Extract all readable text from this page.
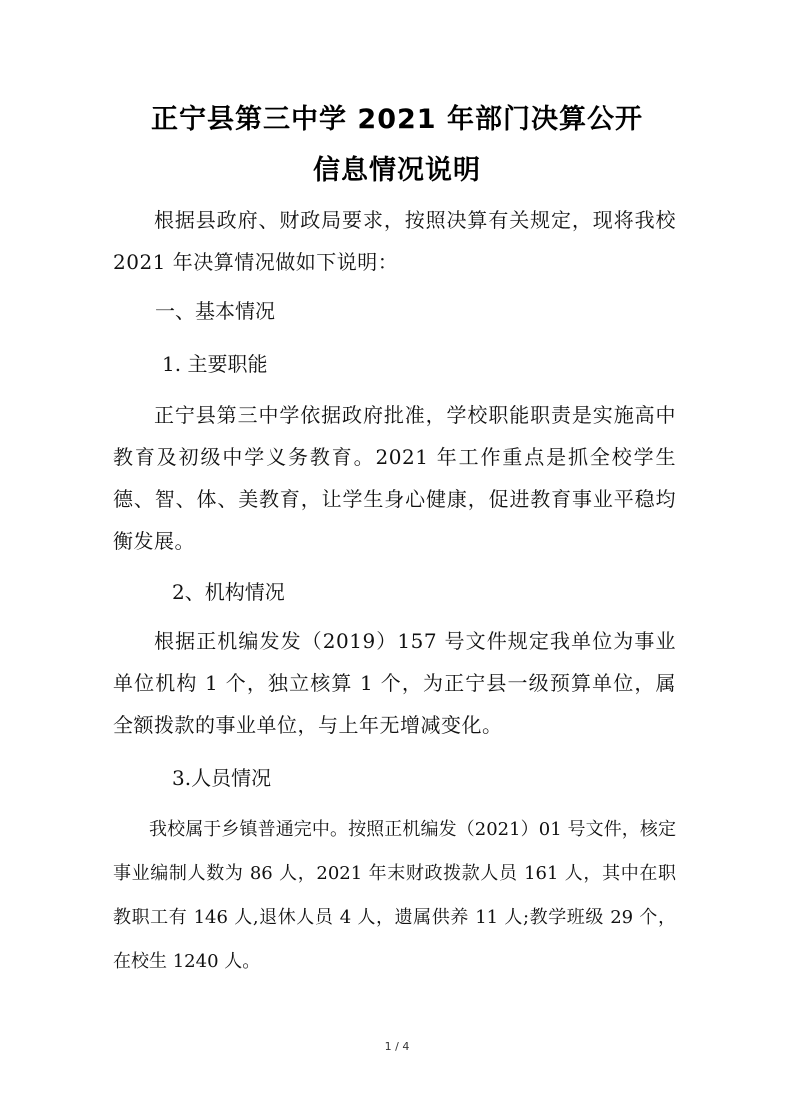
正宁县第三中学 2021 年部门决算公开
信息情况说明
根据县政府、财政局要求，按照决算有关规定，现将我校 2021 年决算情况做如下说明：
一、基本情况
1. 主要职能
正宁县第三中学依据政府批准，学校职能职责是实施高中教育及初级中学义务教育。2021 年工作重点是抓全校学生德、智、体、美教育，让学生身心健康，促进教育事业平稳均衡发展。
2、机构情况
根据正机编发发（2019）157 号文件规定我单位为事业单位机构 1 个，独立核算 1 个，为正宁县一级预算单位，属全额拨款的事业单位，与上年无增减变化。
3.人员情况
我校属于乡镇普通完中。按照正机编发（2021）01 号文件，核定事业编制人数为 86 人，2021 年末财政拨款人员 161 人，其中在职教职工有 146 人,退休人员 4 人，遗属供养 11 人;教学班级 29 个，在校生 1240 人。
1 / 4
